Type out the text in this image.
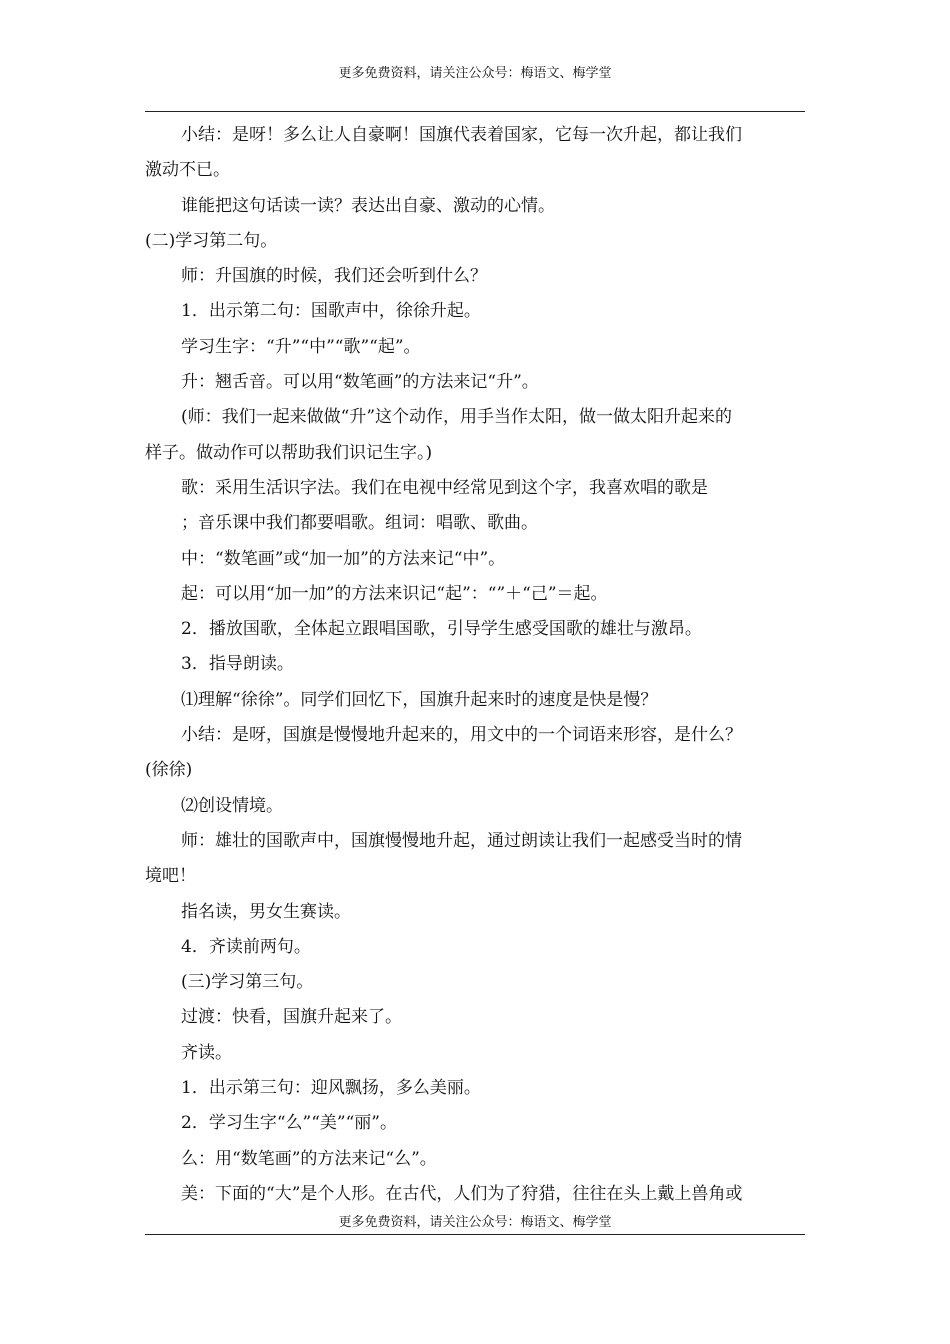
更多免费资料，请关注公众号：梅语文、梅学堂
小结：是呀！多么让人自豪啊！国旗代表着国家，它每一次升起，都让我们
激动不已。
谁能把这句话读一读？表达出自豪、激动的心情。
(二)学习第二句。
师：升国旗的时候，我们还会听到什么？
1．出示第二句：国歌声中，徐徐升起。
学习生字：“升”“中”“歌”“起”。
升：翘舌音。可以用“数笔画”的方法来记“升”。
(师：我们一起来做做“升”这个动作，用手当作太阳，做一做太阳升起来的
样子。做动作可以帮助我们识记生字。)
歌：采用生活识字法。我们在电视中经常见到这个字，我喜欢唱的歌是
；音乐课中我们都要唱歌。组词：唱歌、歌曲。
中：“数笔画”或“加一加”的方法来记“中”。
起：可以用“加一加”的方法来识记“起”：“”＋“己”＝起。
2．播放国歌，全体起立跟唱国歌，引导学生感受国歌的雄壮与激昂。
3．指导朗读。
⑴理解“徐徐”。同学们回忆下，国旗升起来时的速度是快是慢？
小结：是呀，国旗是慢慢地升起来的，用文中的一个词语来形容，是什么？
(徐徐)
⑵创设情境。
师：雄壮的国歌声中，国旗慢慢地升起，通过朗读让我们一起感受当时的情
境吧！
指名读，男女生赛读。
4．齐读前两句。
(三)学习第三句。
过渡：快看，国旗升起来了。
齐读。
1．出示第三句：迎风飘扬，多么美丽。
2．学习生字“么”“美”“丽”。
么：用“数笔画”的方法来记“么”。
美：下面的“大”是个人形。在古代，人们为了狩猎，往往在头上戴上兽角或
更多免费资料，请关注公众号：梅语文、梅学堂
